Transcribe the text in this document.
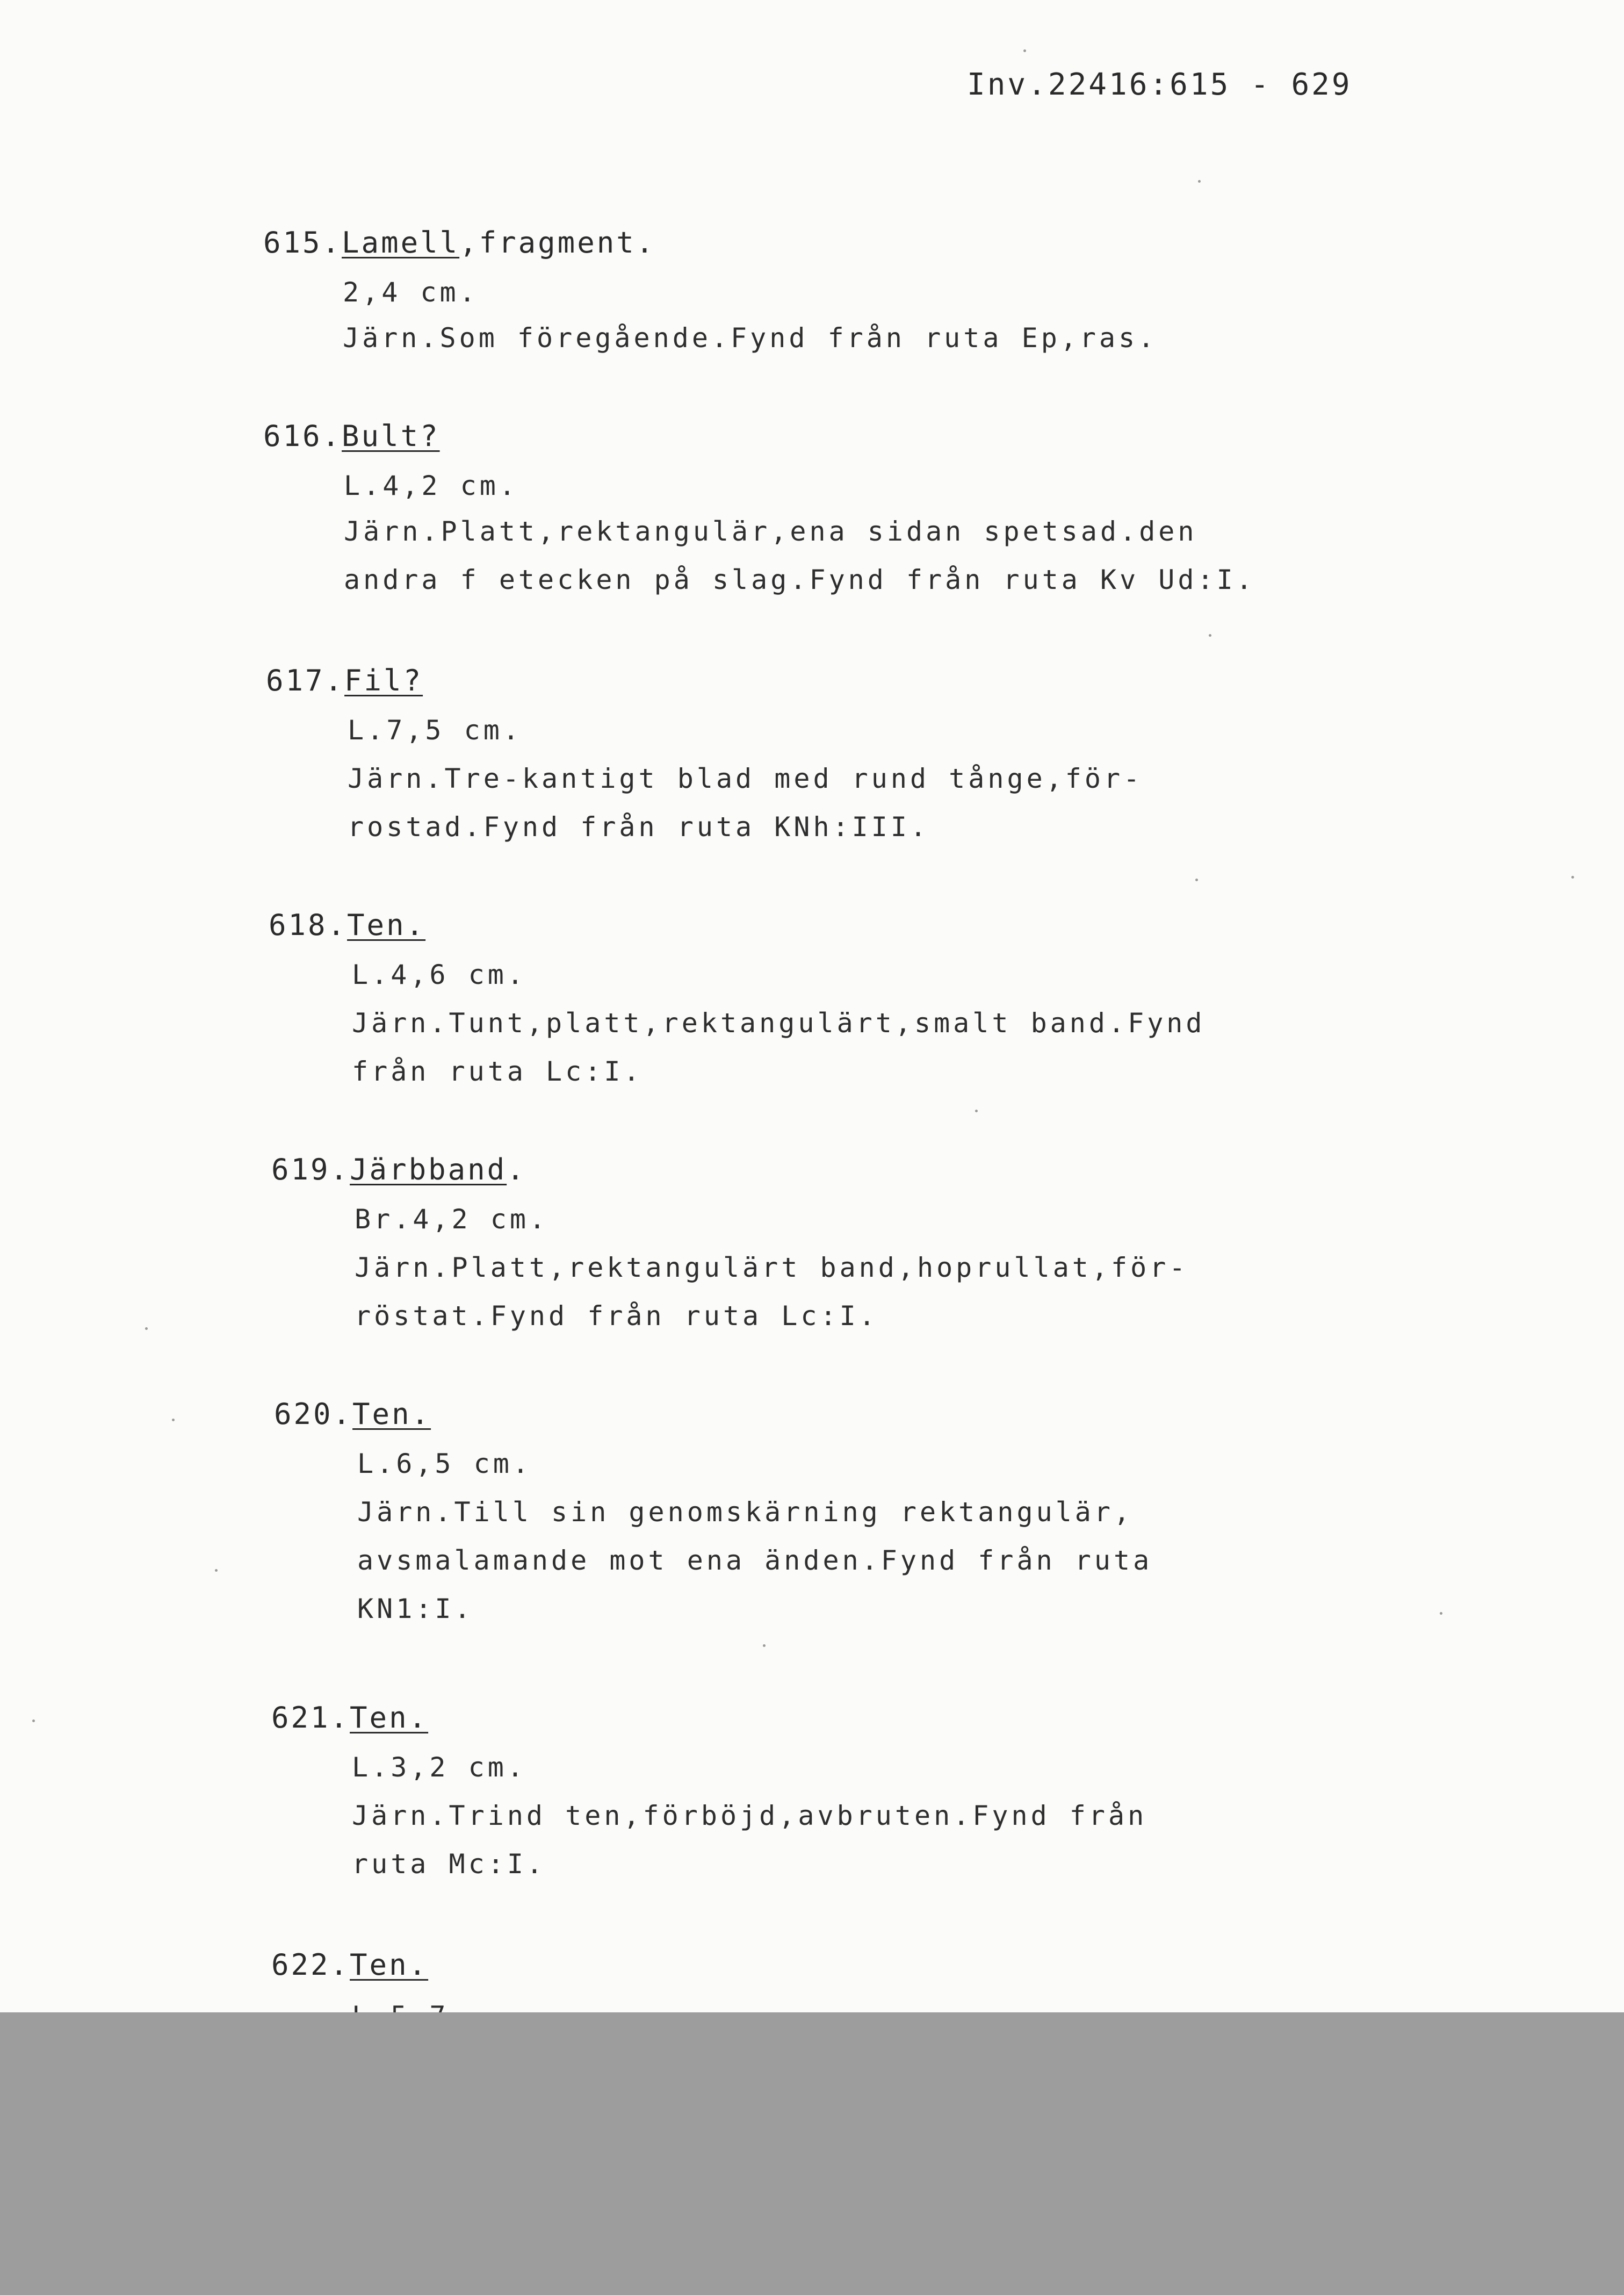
Inv.22416:615 - 629
615.Lamell,fragment.
2,4 cm.
Järn.Som föregående.Fynd från ruta Ep,ras.
616.Bult?
L.4,2 cm.
Järn.Platt,rektangulär,ena sidan spetsad.den
andra f etecken på slag.Fynd från ruta Kv Ud:I.
617.Fil?
L.7,5 cm.
Järn.Tre-kantigt blad med rund tånge,för-
rostad.Fynd från ruta KNh:III.
618.Ten.
L.4,6 cm.
Järn.Tunt,platt,rektangulärt,smalt band.Fynd
från ruta Lc:I.
619.Järbband.
Br.4,2 cm.
Järn.Platt,rektangulärt band,hoprullat,för-
röstat.Fynd från ruta Lc:I.
620.Ten.
L.6,5 cm.
Järn.Till sin genomskärning rektangulär,
avsmalamande mot ena änden.Fynd från ruta
KN1:I.
621.Ten.
L.3,2 cm.
Järn.Trind ten,förböjd,avbruten.Fynd från
ruta Mc:I.
622.Ten.
